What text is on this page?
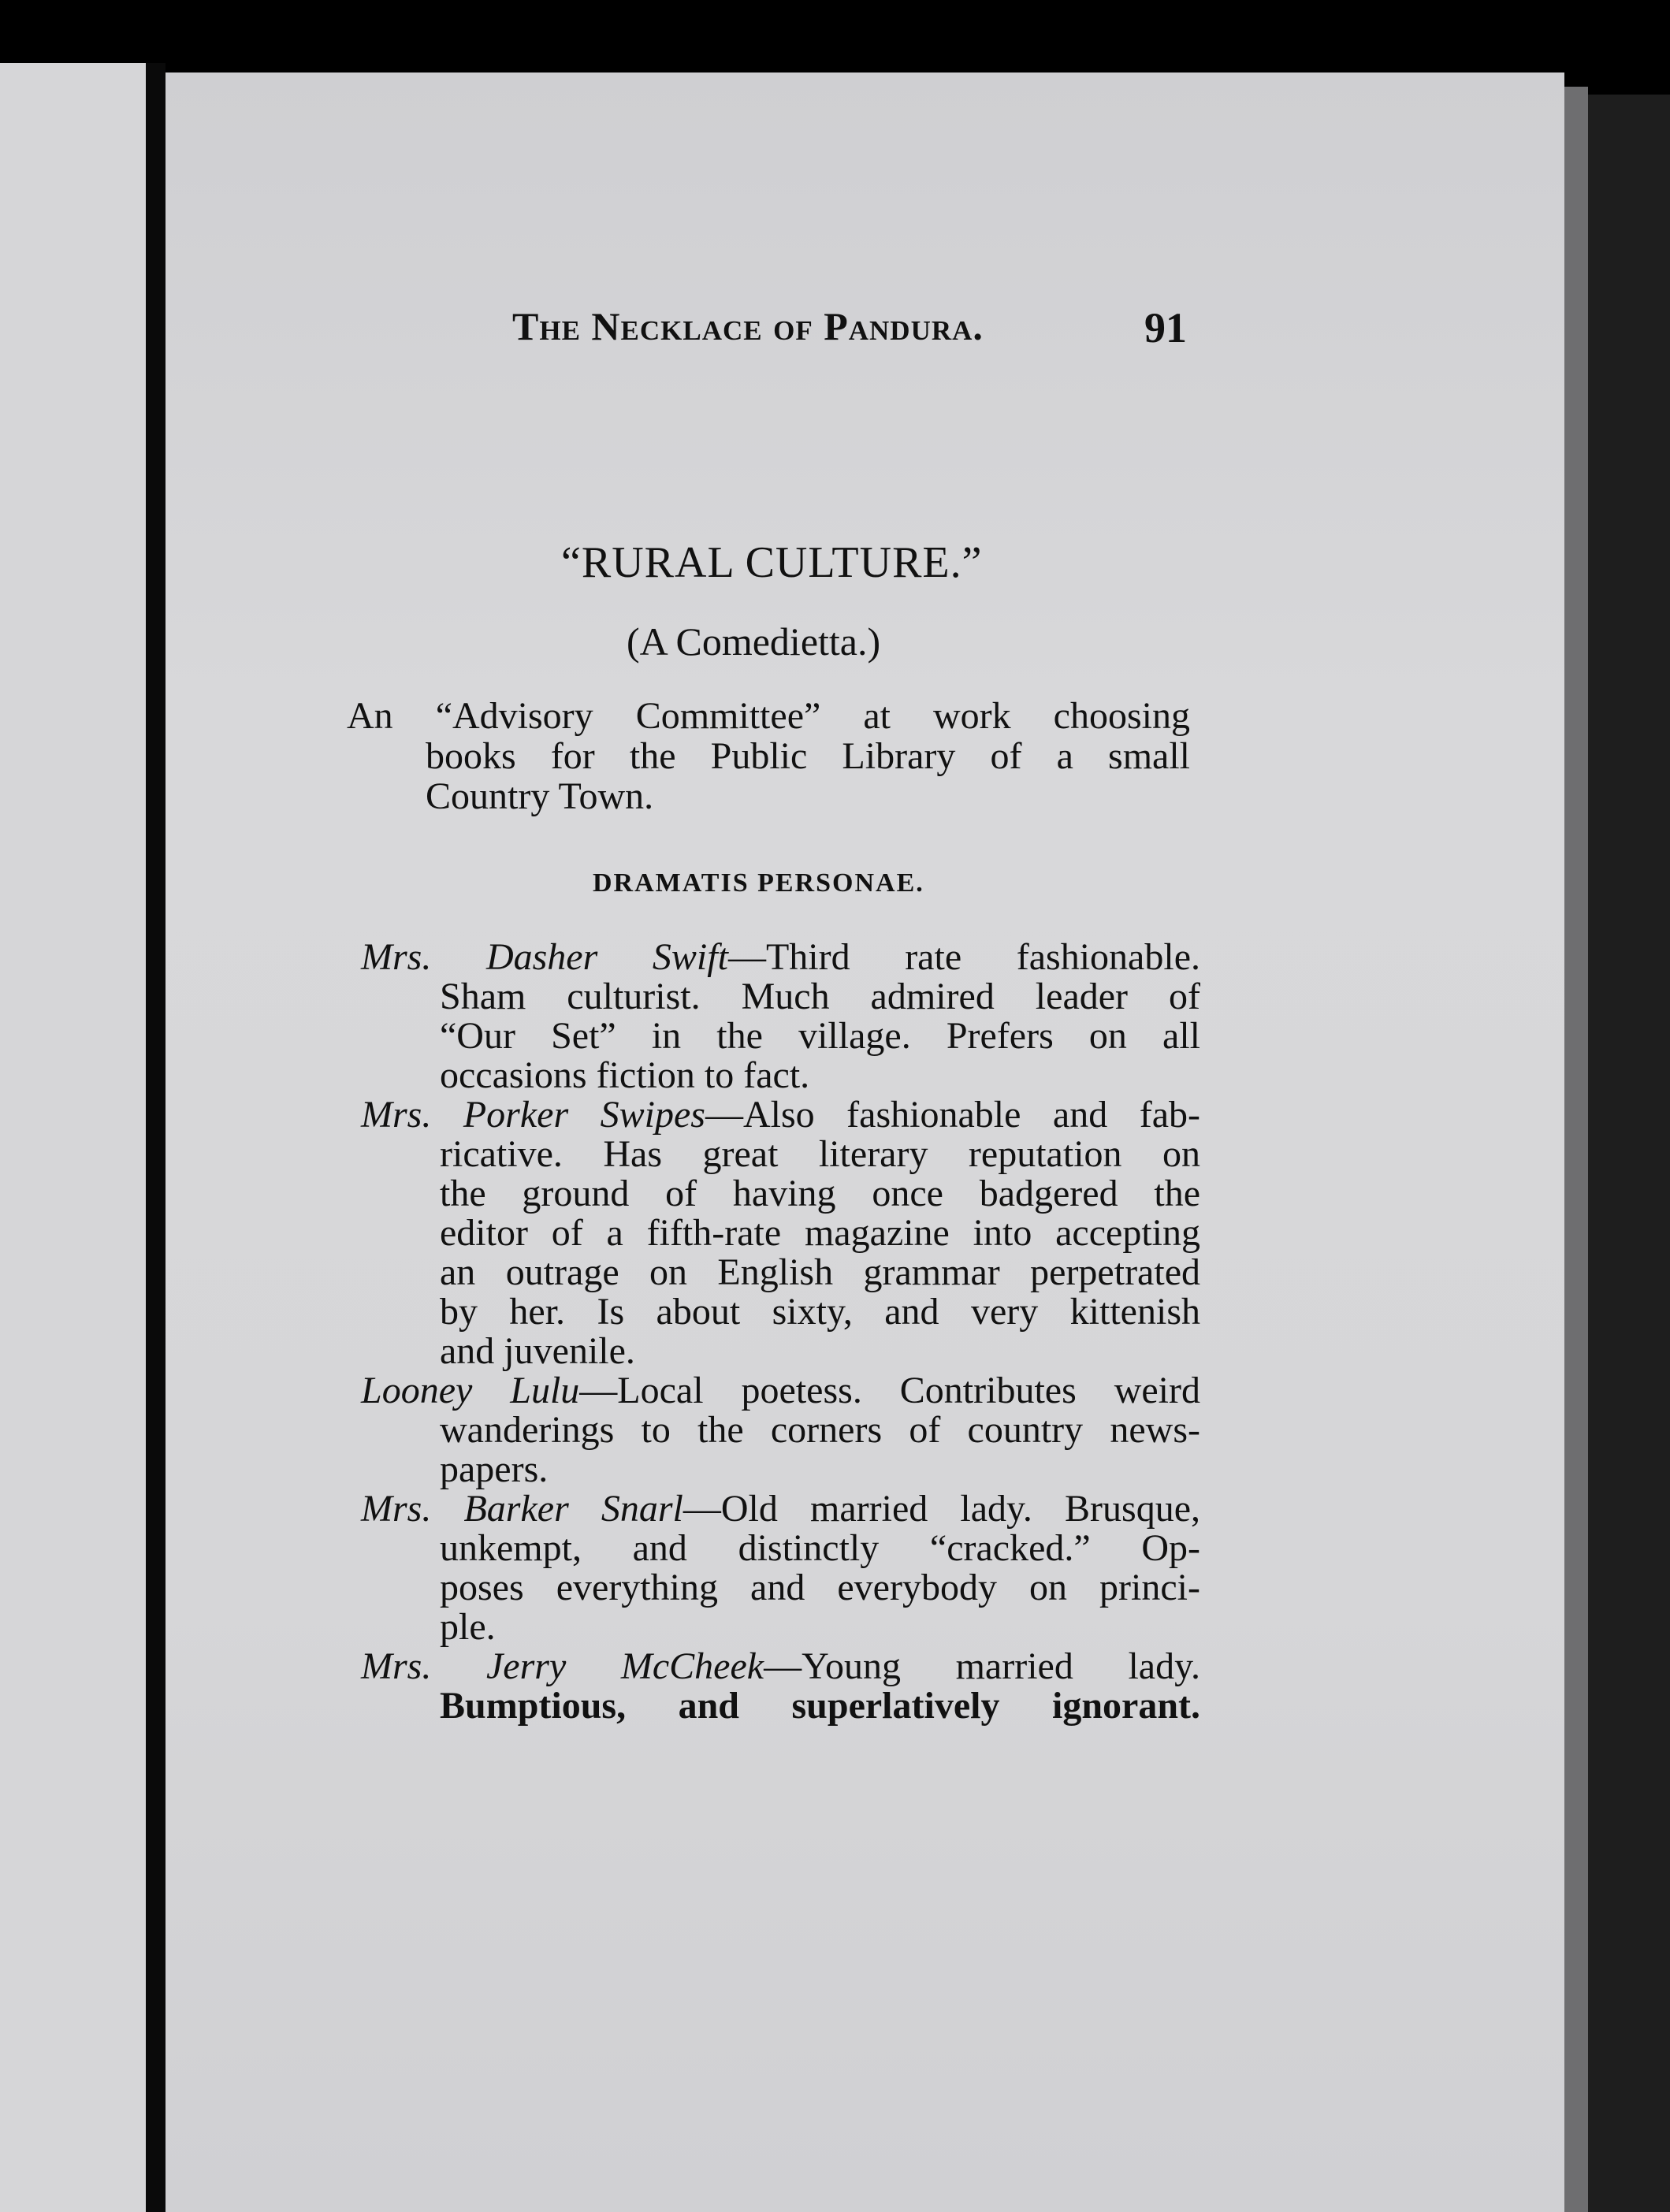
The Necklace of Pandura.	91
“RURAL CULTURE.”
(A Comedietta.)
An “Advisory Committee” at work choosing
books for the Public Library of a small
Country Town.
DRAMATIS PERSONAE.
Mrs. Dasher Swift—Third rate fashionable.
Sham culturist. Much admired leader of
“Our Set” in the village. Prefers on all
occasions fiction to fact.
Mrs. Porker Swipes—Also fashionable and fab-
ricative. Has great literary reputation on
the ground of having once badgered the
editor of a fifth-rate magazine into accepting
an outrage on English grammar perpetrated
by her. Is about sixty, and very kittenish
and juvenile.
Looney Lulu—Local poetess. Contributes weird
wanderings to the corners of country news-
papers.
Mrs. Barker Snarl—Old married lady. Brusque,
unkempt, and distinctly “cracked.” Op-
poses everything and everybody on princi-
ple.
Mrs. Jerry McCheek—Young married lady.
Bumptious, and superlatively ignorant.
